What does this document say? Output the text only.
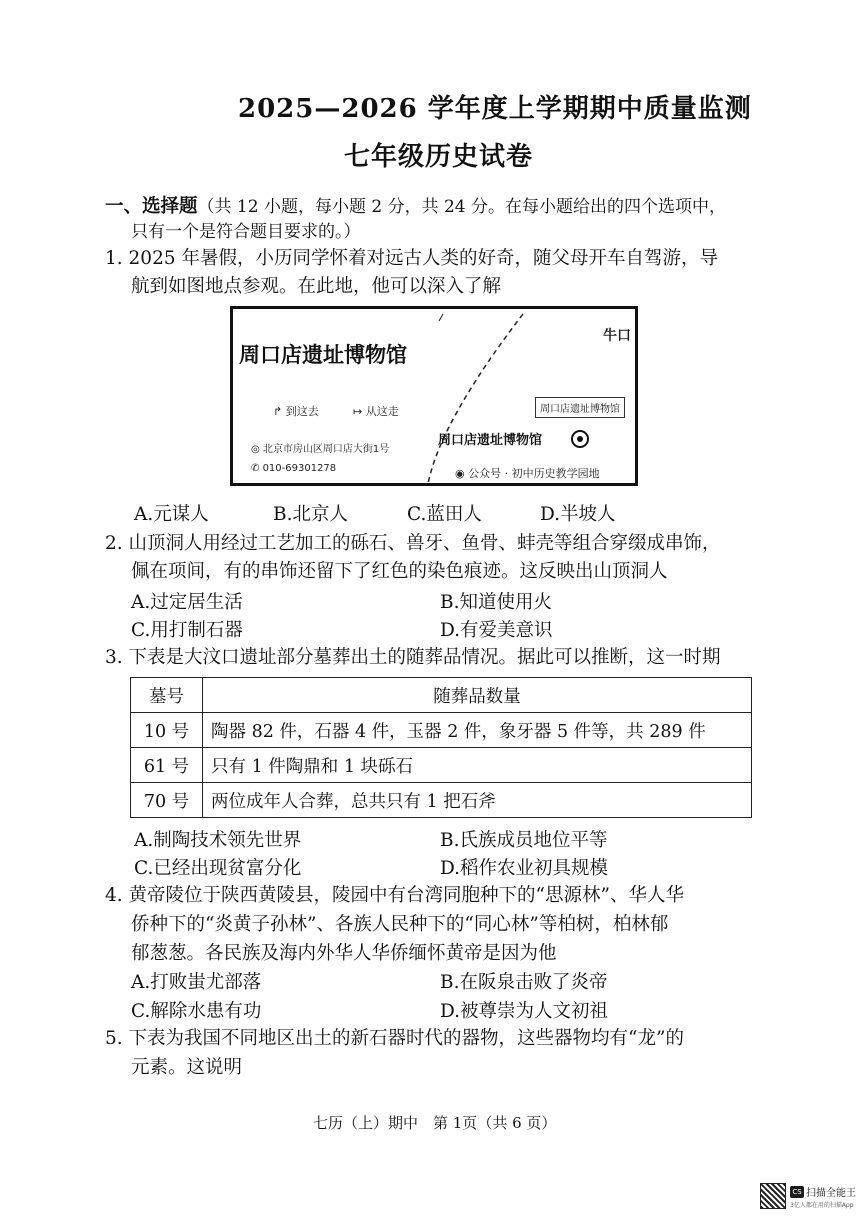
2025—2026 学年度上学期期中质量监测
七年级历史试卷
一、选择题（共 12 小题，每小题 2 分，共 24 分。在每小题给出的四个选项中，
只有一个是符合题目要求的。）
1. 2025 年暑假，小历同学怀着对远古人类的好奇，随父母开车自驾游，导
航到如图地点参观。在此地，他可以深入了解
牛口
周口店遗址博物馆
↱ 到这去	↦ 从这走
◎ 北京市房山区周口店大街1号
✆ 010-69301278
周口店遗址博物馆
周口店遗址博物馆
◉ 公众号 · 初中历史教学园地
A.元谋人	B.北京人	C.蓝田人	D.半坡人
2. 山顶洞人用经过工艺加工的砾石、兽牙、鱼骨、蚌壳等组合穿缀成串饰，
佩在项间，有的串饰还留下了红色的染色痕迹。这反映出山顶洞人
A.过定居生活	B.知道使用火
C.用打制石器	D.有爱美意识
3. 下表是大汶口遗址部分墓葬出土的随葬品情况。据此可以推断，这一时期
墓号	随葬品数量
10 号	陶器 82 件，石器 4 件，玉器 2 件，象牙器 5 件等，共 289 件
61 号	只有 1 件陶鼎和 1 块砾石
70 号	两位成年人合葬，总共只有 1 把石斧
A.制陶技术领先世界	B.氏族成员地位平等
C.已经出现贫富分化	D.稻作农业初具规模
4. 黄帝陵位于陕西黄陵县，陵园中有台湾同胞种下的“思源林”、华人华
侨种下的“炎黄子孙林”、各族人民种下的“同心林”等柏树，柏林郁
郁葱葱。各民族及海内外华人华侨缅怀黄帝是因为他
A.打败蚩尤部落	B.在阪泉击败了炎帝
C.解除水患有功	D.被尊崇为人文初祖
5. 下表为我国不同地区出土的新石器时代的器物，这些器物均有“龙”的
元素。这说明
七历（上）期中　第 1页（共 6 页）
CS 扫描全能王
3亿人都在用的扫描App
